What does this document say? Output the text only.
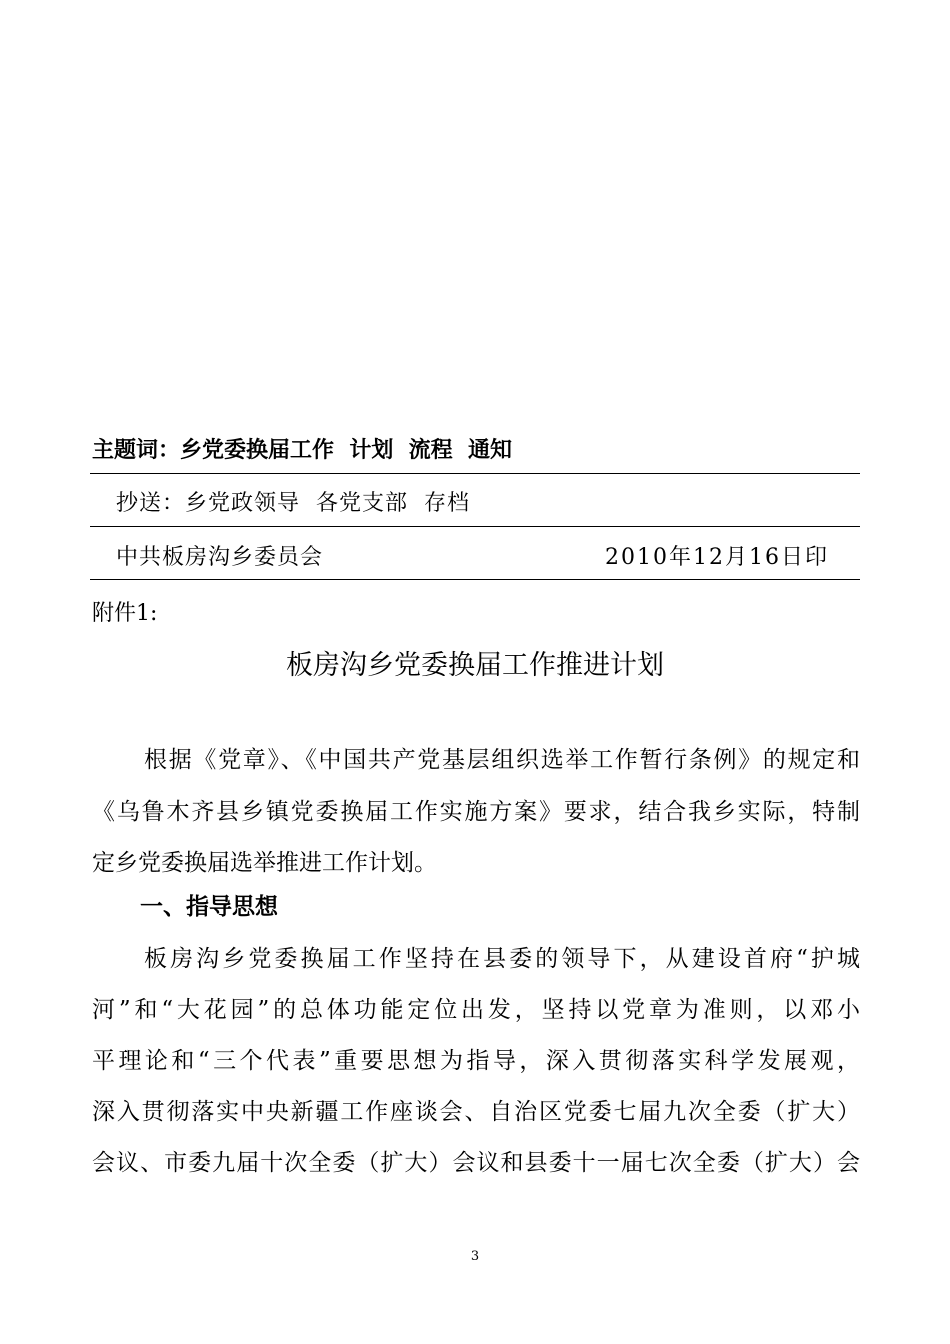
主题词：乡党委换届工作  计划  流程  通知
抄送：乡党政领导  各党支部  存档
中共板房沟乡委员会	2010年12月16日印
附件1:
板房沟乡党委换届工作推进计划
根据《党章》、《中国共产党基层组织选举工作暂行条例》的规定和
《乌鲁木齐县乡镇党委换届工作实施方案》要求，结合我乡实际，特制
定乡党委换届选举推进工作计划。
一、指导思想
板房沟乡党委换届工作坚持在县委的领导下，从建设首府“护城
河”和“大花园”的总体功能定位出发，坚持以党章为准则，以邓小
平理论和“三个代表”重要思想为指导，深入贯彻落实科学发展观，
深入贯彻落实中央新疆工作座谈会、自治区党委七届九次全委（扩大）
会议、市委九届十次全委（扩大）会议和县委十一届七次全委（扩大）会
3
